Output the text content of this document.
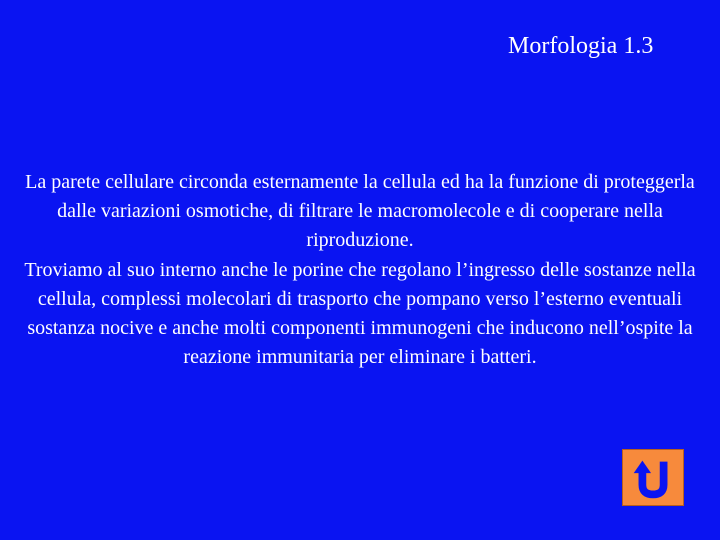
Morfologia 1.3

La parete cellulare circonda esternamente la cellula ed ha la funzione di proteggerla dalle variazioni osmotiche, di filtrare le macromolecole e di cooperare nella riproduzione.

Troviamo al suo interno anche le porine che regolano l’ingresso delle sostanze nella cellula, complessi molecolari di trasporto che pompano verso l’esterno eventuali sostanza nocive e anche molti componenti immunogeni che inducono nell’ospite la reazione immunitaria per eliminare i batteri.
